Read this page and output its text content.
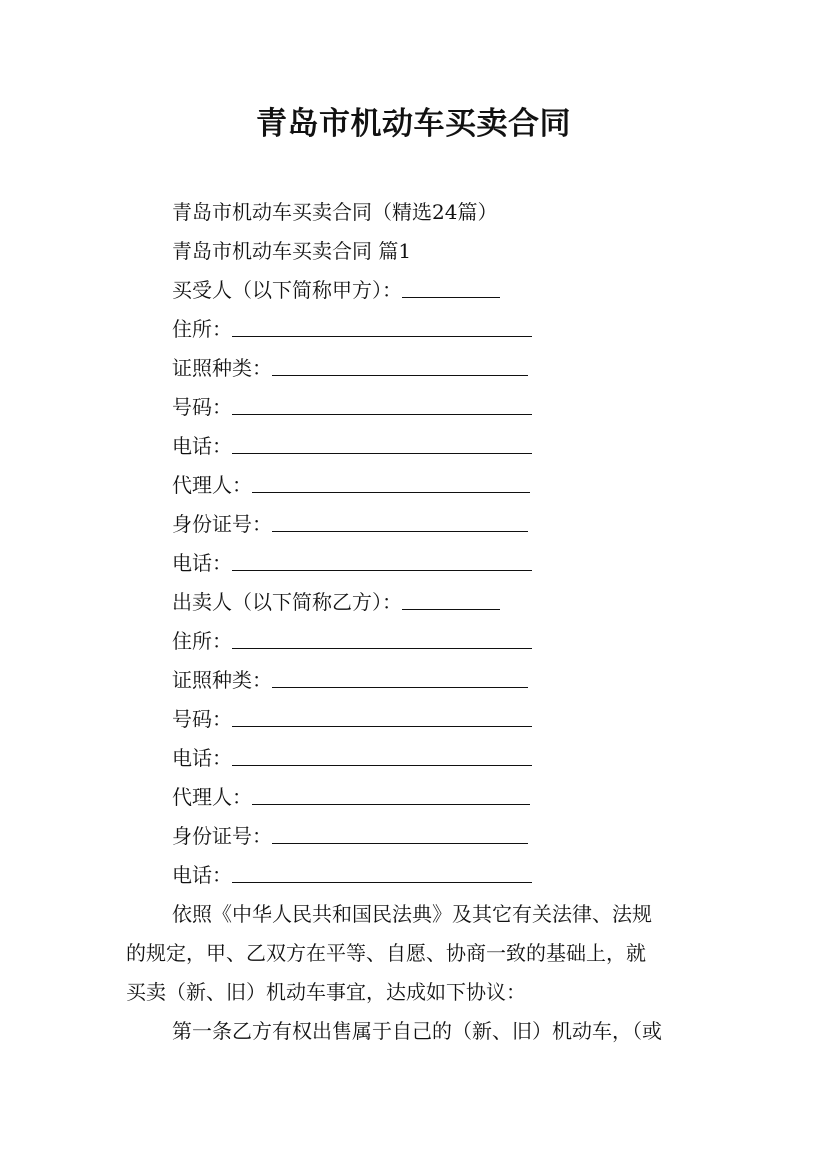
青岛市机动车买卖合同
青岛市机动车买卖合同（精选24篇）
青岛市机动车买卖合同 篇1
买受人（以下简称甲方）：
住所：
证照种类：
号码：
电话：
代理人：
身份证号：
电话：
出卖人（以下简称乙方）：
住所：
证照种类：
号码：
电话：
代理人：
身份证号：
电话：
依照《中华人民共和国民法典》及其它有关法律、法规
的规定，甲、乙双方在平等、自愿、协商一致的基础上，就
买卖（新、旧）机动车事宜，达成如下协议：
第一条乙方有权出售属于自己的（新、旧）机动车，（或
